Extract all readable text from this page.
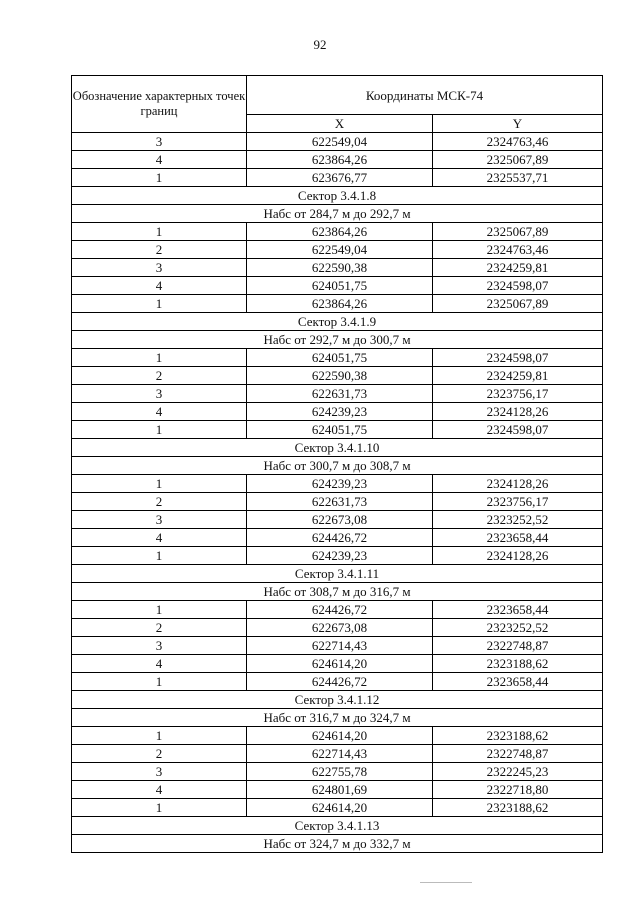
92
Обозначение характерных точек границ	Координаты МСК-74	
	X	Y
3	622549,04	2324763,46
4	623864,26	2325067,89
1	623676,77	2325537,71
Сектор 3.4.1.8		
Набс от 284,7 м до 292,7 м		
1	623864,26	2325067,89
2	622549,04	2324763,46
3	622590,38	2324259,81
4	624051,75	2324598,07
1	623864,26	2325067,89
Сектор 3.4.1.9		
Набс от 292,7 м до 300,7 м		
1	624051,75	2324598,07
2	622590,38	2324259,81
3	622631,73	2323756,17
4	624239,23	2324128,26
1	624051,75	2324598,07
Сектор 3.4.1.10		
Набс от 300,7 м до 308,7 м		
1	624239,23	2324128,26
2	622631,73	2323756,17
3	622673,08	2323252,52
4	624426,72	2323658,44
1	624239,23	2324128,26
Сектор 3.4.1.11		
Набс от 308,7 м до 316,7 м		
1	624426,72	2323658,44
2	622673,08	2323252,52
3	622714,43	2322748,87
4	624614,20	2323188,62
1	624426,72	2323658,44
Сектор 3.4.1.12		
Набс от 316,7 м до 324,7 м		
1	624614,20	2323188,62
2	622714,43	2322748,87
3	622755,78	2322245,23
4	624801,69	2322718,80
1	624614,20	2323188,62
Сектор 3.4.1.13		
Набс от 324,7 м до 332,7 м		
